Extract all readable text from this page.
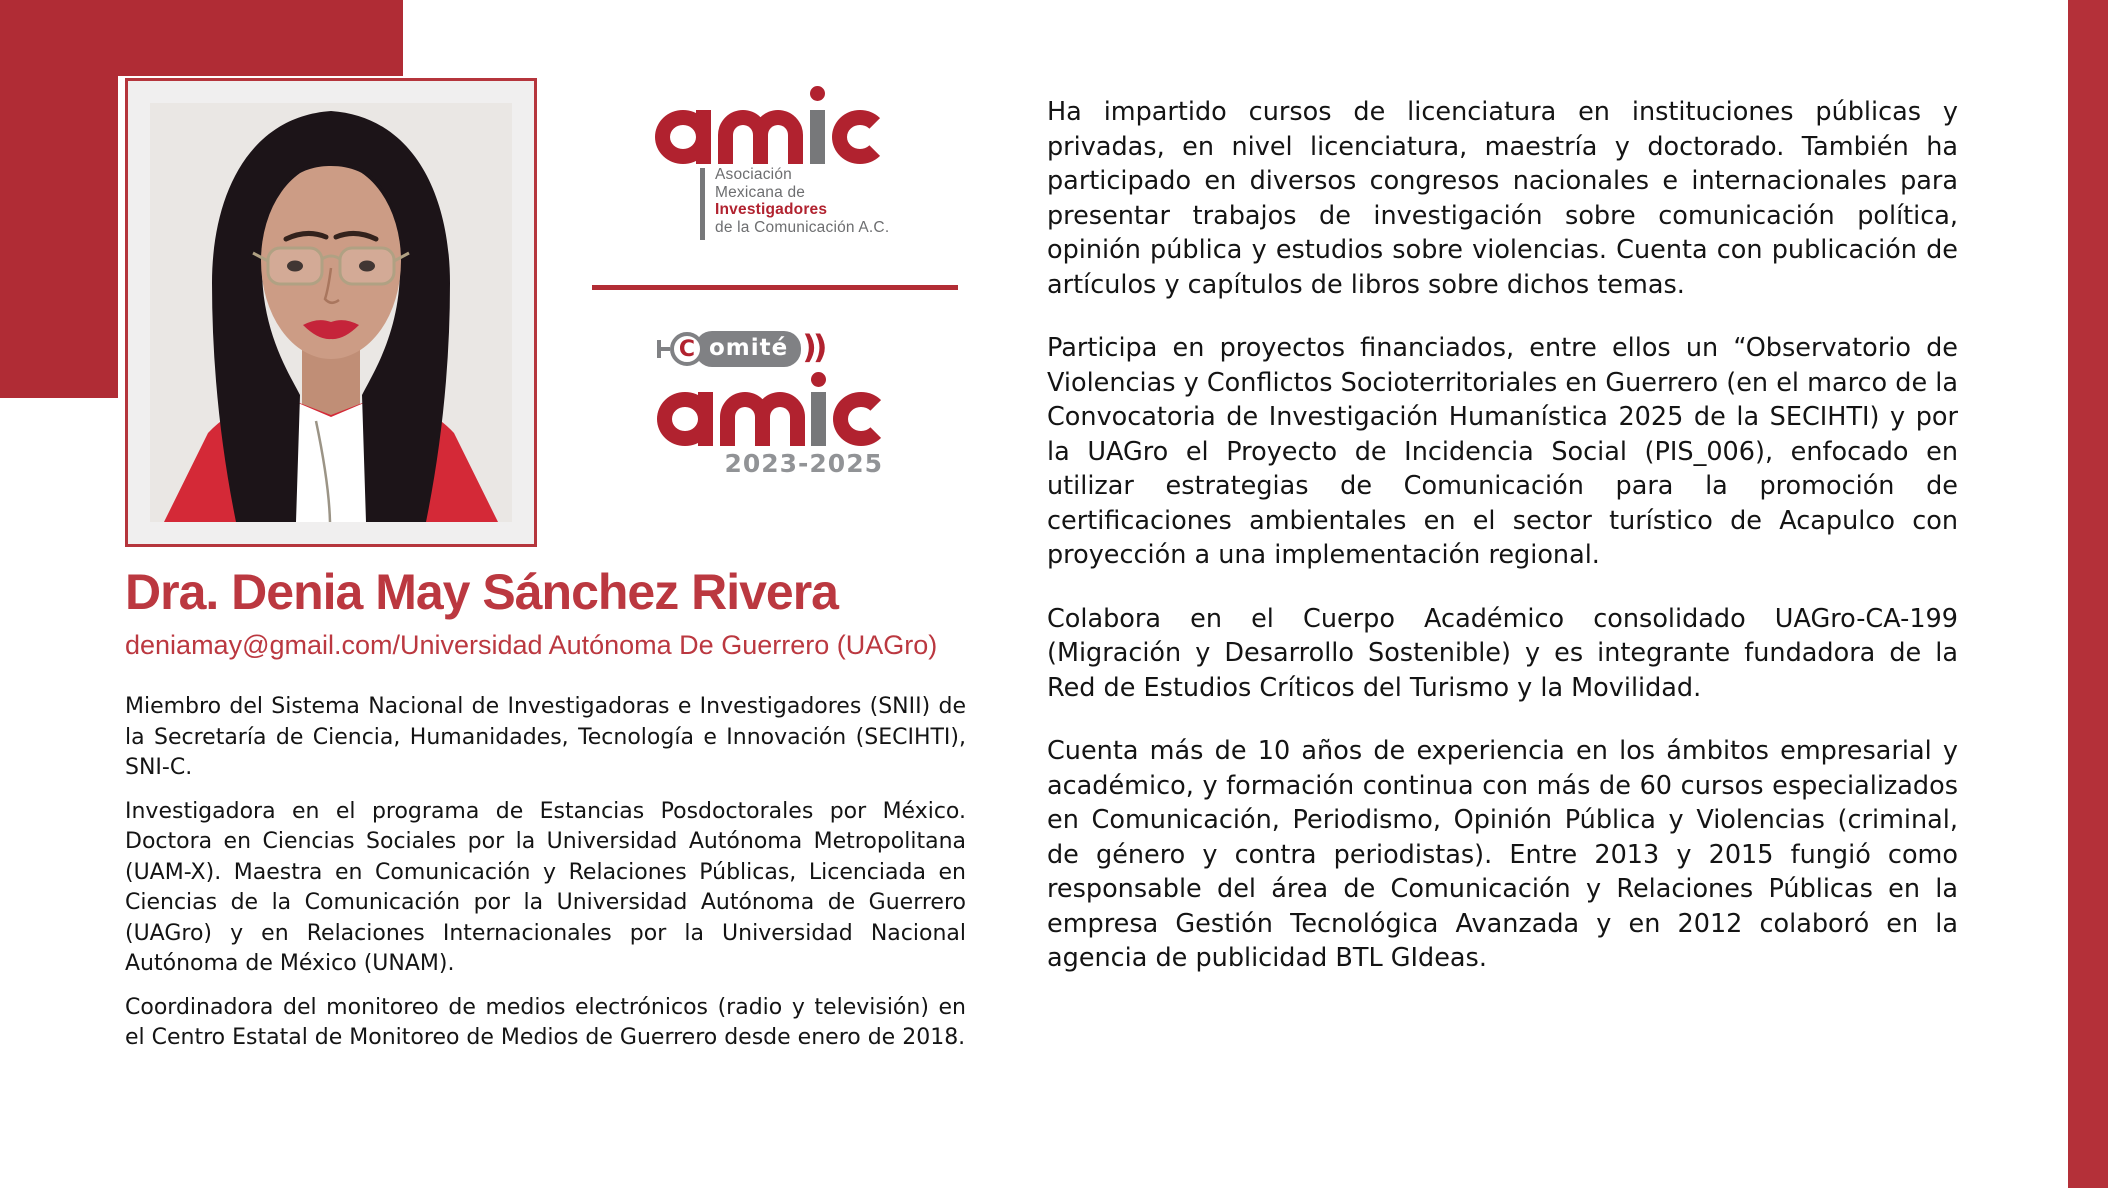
Asociación
Mexicana de
Investigadores
de la Comunicación A.C.
C omité ))
2023-2025
Dra. Denia May Sánchez Rivera
deniamay@gmail.com/Universidad Autónoma De Guerrero (UAGro)

Miembro del Sistema Nacional de Investigadoras e Investigadores (SNII) de la Secretaría de Ciencia, Humanidades, Tecnología e Innovación (SECIHTI), SNI-C.

Investigadora en el programa de Estancias Posdoctorales por México. Doctora en Ciencias Sociales por la Universidad Autónoma Metropolitana (UAM-X). Maestra en Comunicación y Relaciones Públicas, Licenciada en Ciencias de la Comunicación por la Universidad Autónoma de Guerrero (UAGro) y en Relaciones Internacionales por la Universidad Nacional Autónoma de México (UNAM).

Coordinadora del monitoreo de medios electrónicos (radio y televisión) en el Centro Estatal de Monitoreo de Medios de Guerrero desde enero de 2018.

Ha impartido cursos de licenciatura en instituciones públicas y privadas, en nivel licenciatura, maestría y doctorado. También ha participado en diversos congresos nacionales e internacionales para presentar trabajos de investigación sobre comunicación política, opinión pública y estudios sobre violencias. Cuenta con publicación de artículos y capítulos de libros sobre dichos temas.

Participa en proyectos financiados, entre ellos un “Observatorio de Violencias y Conflictos Socioterritoriales en Guerrero (en el marco de la Convocatoria de Investigación Humanística 2025 de la SECIHTI) y por la UAGro el Proyecto de Incidencia Social (PIS_006), enfocado en utilizar estrategias de Comunicación para la promoción de certificaciones ambientales en el sector turístico de Acapulco con proyección a una implementación regional.

Colabora en el Cuerpo Académico consolidado UAGro-CA-199 (Migración y Desarrollo Sostenible) y es integrante fundadora de la Red de Estudios Críticos del Turismo y la Movilidad.

Cuenta más de 10 años de experiencia en los ámbitos empresarial y académico, y formación continua con más de 60 cursos especializados en Comunicación, Periodismo, Opinión Pública y Violencias (criminal, de género y contra periodistas). Entre 2013 y 2015 fungió como responsable del área de Comunicación y Relaciones Públicas en la empresa Gestión Tecnológica Avanzada y en 2012 colaboró en la agencia de publicidad BTL GIdeas.
